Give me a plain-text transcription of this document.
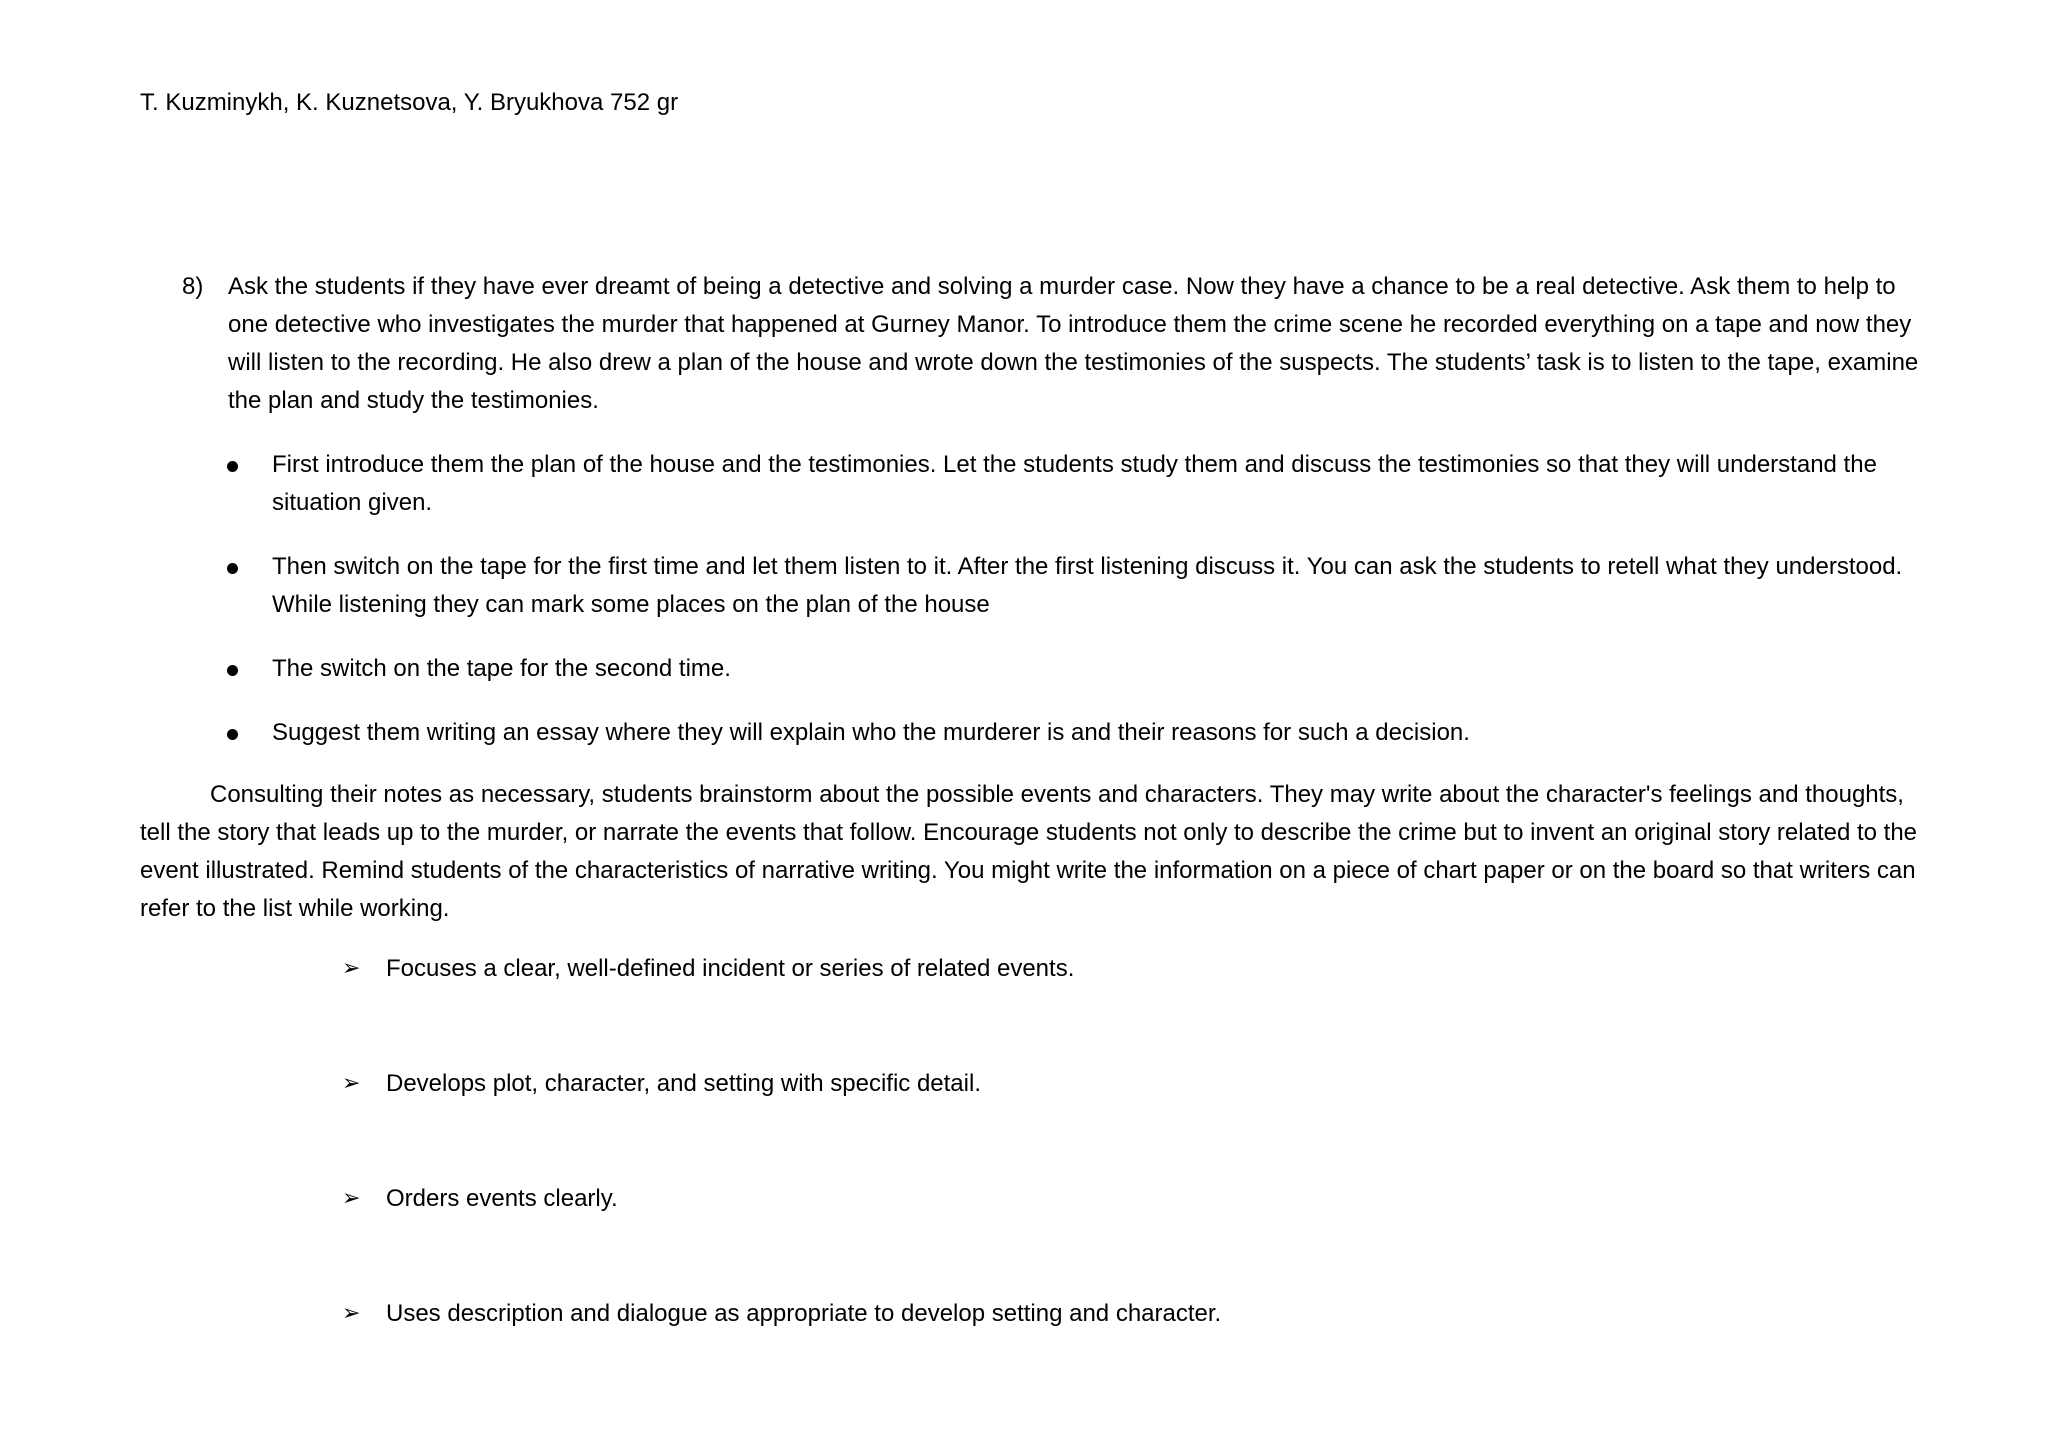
T. Kuzminykh, K. Kuznetsova, Y. Bryukhova 752 gr
8) Ask the students if they have ever dreamt of being a detective and solving a murder case. Now they have a chance to be a real detective. Ask them to help to one detective who investigates the murder that happened at Gurney Manor. To introduce them the crime scene he recorded everything on a tape and now they will listen to the recording. He also drew a plan of the house and wrote down the testimonies of the suspects. The students’ task is to listen to the tape, examine the plan and study the testimonies.
First introduce them the plan of the house and the testimonies. Let the students study them and discuss the testimonies so that they will understand the situation given.
Then switch on the tape for the first time and let them listen to it. After the first listening discuss it. You can ask the students to retell what they understood. While listening they can mark some places on the plan of the house
The switch on the tape for the second time.
Suggest them writing an essay where they will explain who the murderer is and their reasons for such a decision.

Consulting their notes as necessary, students brainstorm about the possible events and characters. They may write about the character's feelings and thoughts, tell the story that leads up to the murder, or narrate the events that follow. Encourage students not only to describe the crime but to invent an original story related to the event illustrated. Remind students of the characteristics of narrative writing. You might write the information on a piece of chart paper or on the board so that writers can refer to the list while working.

➢ Focuses a clear, well-defined incident or series of related events.
➢ Develops plot, character, and setting with specific detail.
➢ Orders events clearly.
➢ Uses description and dialogue as appropriate to develop setting and character.
